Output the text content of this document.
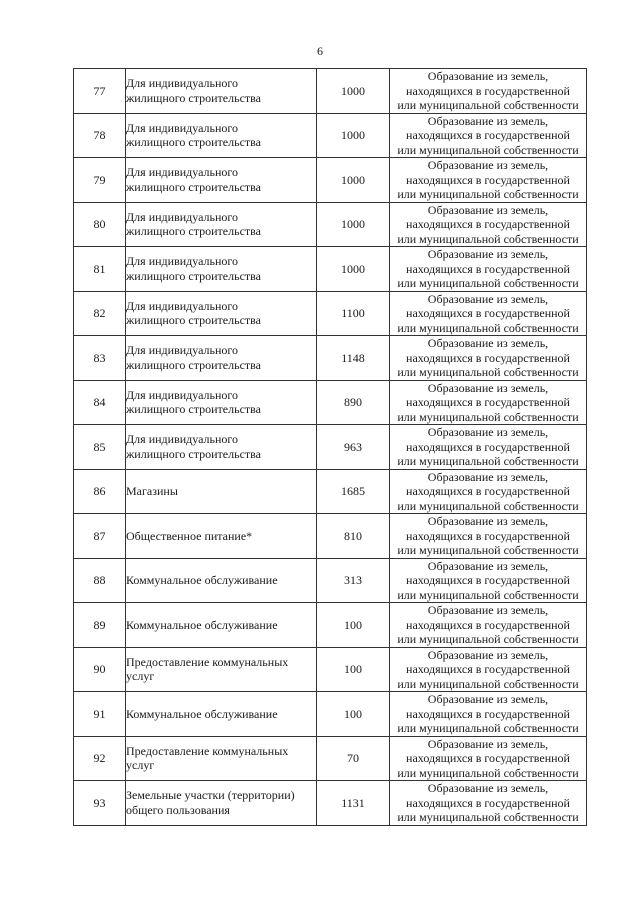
6
77	Для индивидуального
жилищного строительства	1000	Образование из земель,
находящихся в государственной
или муниципальной собственности

78	Для индивидуального
жилищного строительства	1000	Образование из земель,
находящихся в государственной
или муниципальной собственности

79	Для индивидуального
жилищного строительства	1000	Образование из земель,
находящихся в государственной
или муниципальной собственности

80	Для индивидуального
жилищного строительства	1000	Образование из земель,
находящихся в государственной
или муниципальной собственности

81	Для индивидуального
жилищного строительства	1000	Образование из земель,
находящихся в государственной
или муниципальной собственности

82	Для индивидуального
жилищного строительства	1100	Образование из земель,
находящихся в государственной
или муниципальной собственности

83	Для индивидуального
жилищного строительства	1148	Образование из земель,
находящихся в государственной
или муниципальной собственности

84	Для индивидуального
жилищного строительства	890	Образование из земель,
находящихся в государственной
или муниципальной собственности

85	Для индивидуального
жилищного строительства	963	Образование из земель,
находящихся в государственной
или муниципальной собственности

86	Магазины	1685	Образование из земель,
находящихся в государственной
или муниципальной собственности

87	Общественное питание*	810	Образование из земель,
находящихся в государственной
или муниципальной собственности

88	Коммунальное обслуживание	313	Образование из земель,
находящихся в государственной
или муниципальной собственности

89	Коммунальное обслуживание	100	Образование из земель,
находящихся в государственной
или муниципальной собственности

90	Предоставление коммунальных
услуг	100	Образование из земель,
находящихся в государственной
или муниципальной собственности

91	Коммунальное обслуживание	100	Образование из земель,
находящихся в государственной
или муниципальной собственности

92	Предоставление коммунальных
услуг	70	Образование из земель,
находящихся в государственной
или муниципальной собственности

93	Земельные участки (территории)
общего пользования	1131	Образование из земель,
находящихся в государственной
или муниципальной собственности
